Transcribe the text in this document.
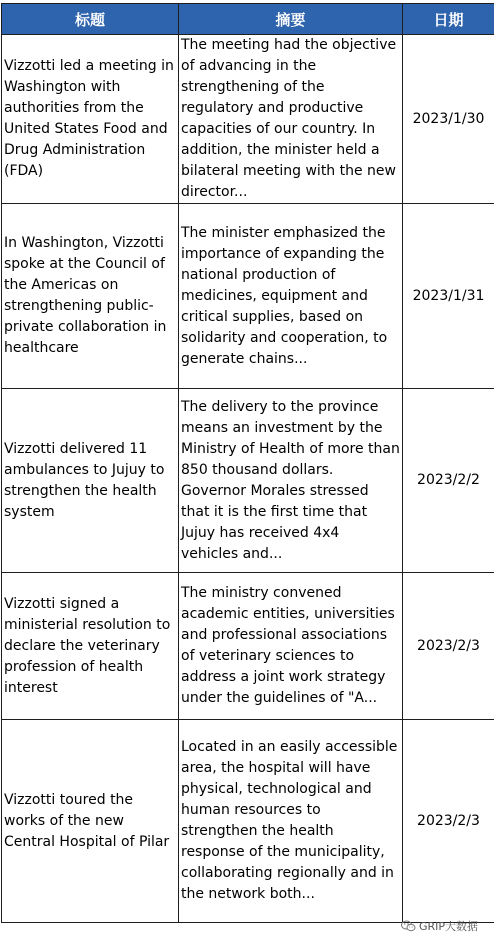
标题	摘要	日期
Vizzotti led a meeting in Washington with authorities from the United States Food and Drug Administration (FDA)	The meeting had the objective of advancing in the strengthening of the regulatory and productive capacities of our country. In addition, the minister held a bilateral meeting with the new director...	2023/1/30
In Washington, Vizzotti spoke at the Council of the Americas on strengthening public-private collaboration in healthcare	The minister emphasized the importance of expanding the national production of medicines, equipment and critical supplies, based on solidarity and cooperation, to generate chains...	2023/1/31
Vizzotti delivered 11 ambulances to Jujuy to strengthen the health system	The delivery to the province means an investment by the Ministry of Health of more than 850 thousand dollars. Governor Morales stressed that it is the first time that Jujuy has received 4x4 vehicles and...	2023/2/2
Vizzotti signed a ministerial resolution to declare the veterinary profession of health interest	The ministry convened academic entities, universities and professional associations of veterinary sciences to address a joint work strategy under the guidelines of "A...	2023/2/3
Vizzotti toured the works of the new Central Hospital of Pilar	Located in an easily accessible area, the hospital will have physical, technological and human resources to strengthen the health response of the municipality, collaborating regionally and in the network both...	2023/2/3
GRIP大数据
